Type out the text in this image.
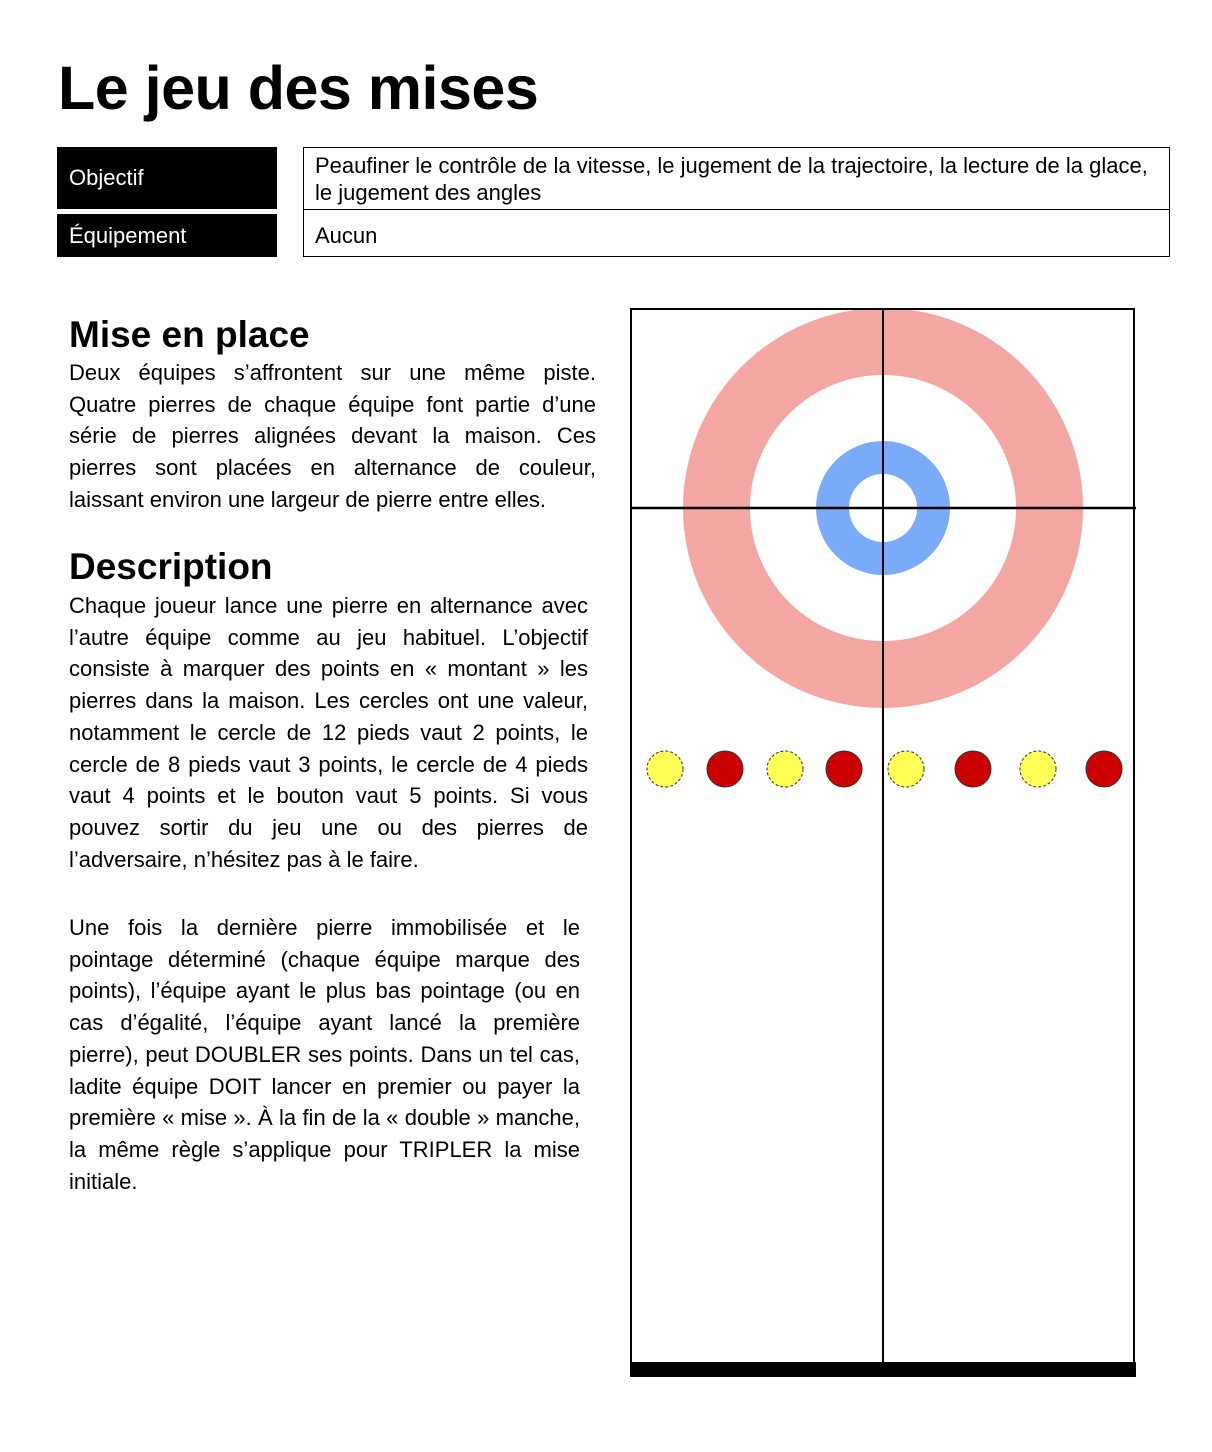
Le jeu des mises
Objectif	Peaufiner le contrôle de la vitesse, le jugement de la trajectoire, la lecture de la glace, le jugement des angles
Équipement	Aucun
Mise en place

Deux équipes s’affrontent sur une même piste. Quatre pierres de chaque équipe font partie d’une série de pierres alignées devant la maison. Ces pierres sont placées en alternance de couleur, laissant environ une largeur de pierre entre elles.

Description

Chaque joueur lance une pierre en alternance avec l’autre équipe comme au jeu habituel. L’objectif consiste à marquer des points en « montant » les pierres dans la maison. Les cercles ont une valeur, notamment le cercle de 12 pieds vaut 2 points, le cercle de 8 pieds vaut 3 points, le cercle de 4 pieds vaut 4 points et le bouton vaut 5 points. Si vous pouvez sortir du jeu une ou des pierres de l’adversaire, n’hésitez pas à le faire.

Une fois la dernière pierre immobilisée et le pointage déterminé (chaque équipe marque des points), l’équipe ayant le plus bas pointage (ou en cas d’égalité, l’équipe ayant lancé la première pierre), peut DOUBLER ses points. Dans un tel cas, ladite équipe DOIT lancer en premier ou payer la première « mise ». À la fin de la « double » manche, la même règle s’applique pour TRIPLER la mise initiale.
